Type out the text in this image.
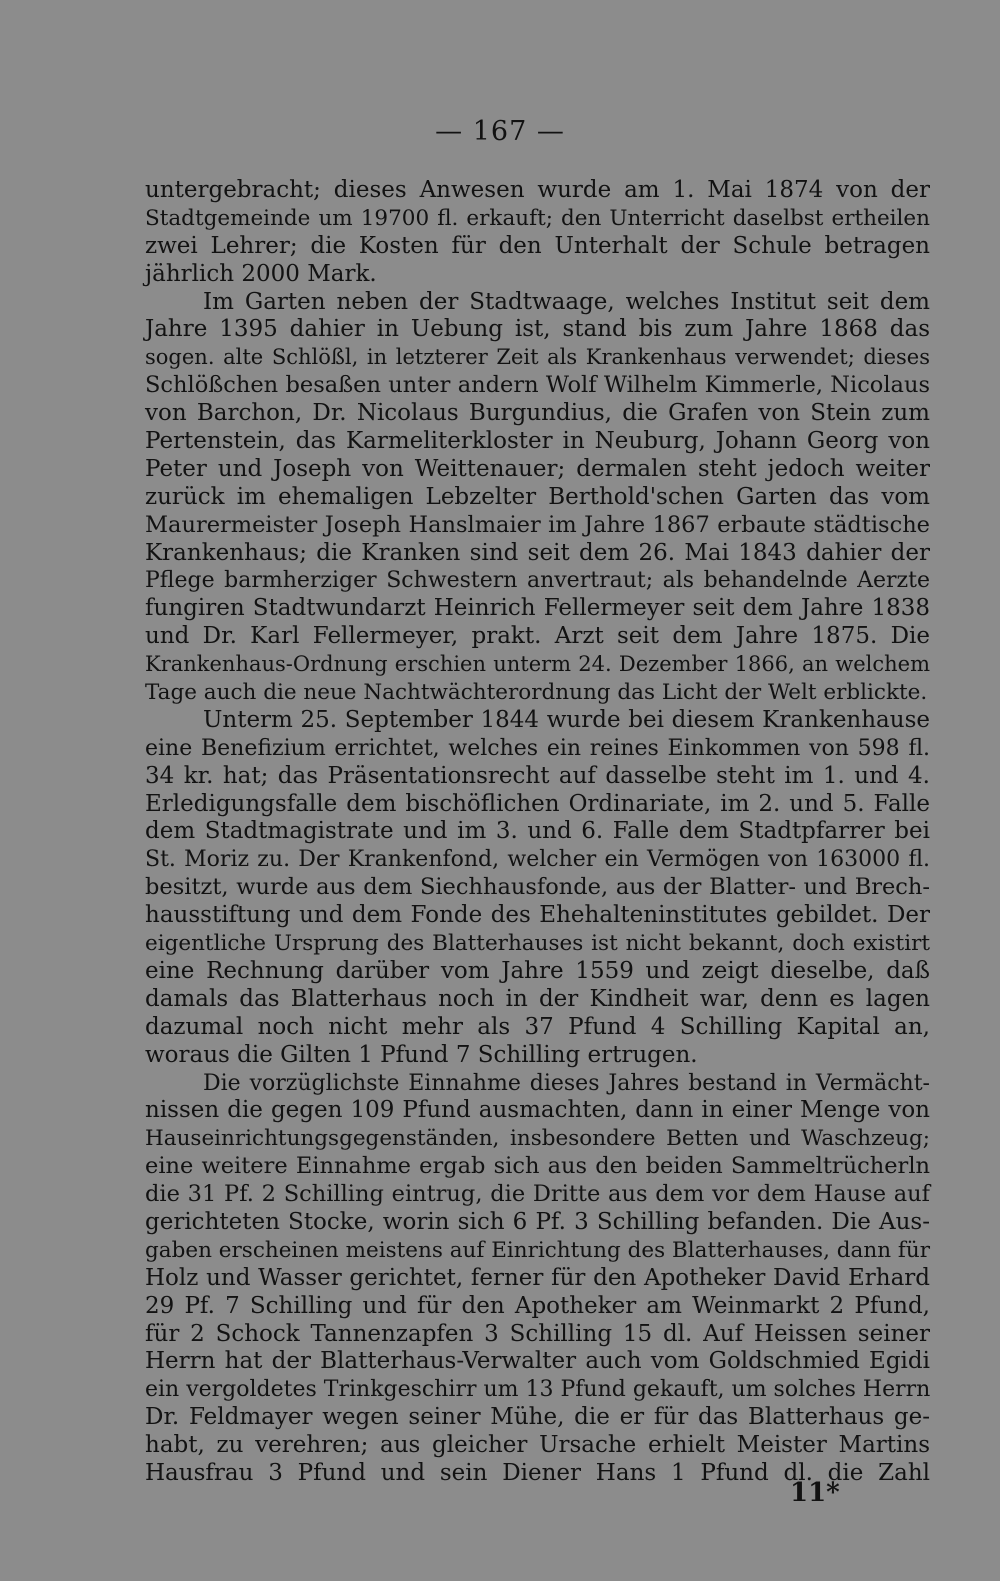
— 167 —
untergebracht; dieses Anwesen wurde am 1. Mai 1874 von der
Stadtgemeinde um 19700 fl. erkauft; den Unterricht daselbst ertheilen
zwei Lehrer; die Kosten für den Unterhalt der Schule betragen
jährlich 2000 Mark.
Im Garten neben der Stadtwaage, welches Institut seit dem
Jahre 1395 dahier in Uebung ist, stand bis zum Jahre 1868 das
sogen. alte Schlößl, in letzterer Zeit als Krankenhaus verwendet; dieses
Schlößchen besaßen unter andern Wolf Wilhelm Kimmerle, Nicolaus
von Barchon, Dr. Nicolaus Burgundius, die Grafen von Stein zum
Pertenstein, das Karmeliterkloster in Neuburg, Johann Georg von
Peter und Joseph von Weittenauer; dermalen steht jedoch weiter
zurück im ehemaligen Lebzelter Berthold'schen Garten das vom
Maurermeister Joseph Hanslmaier im Jahre 1867 erbaute städtische
Krankenhaus; die Kranken sind seit dem 26. Mai 1843 dahier der
Pflege barmherziger Schwestern anvertraut; als behandelnde Aerzte
fungiren Stadtwundarzt Heinrich Fellermeyer seit dem Jahre 1838
und Dr. Karl Fellermeyer, prakt. Arzt seit dem Jahre 1875. Die
Krankenhaus-Ordnung erschien unterm 24. Dezember 1866, an welchem
Tage auch die neue Nachtwächterordnung das Licht der Welt erblickte.
Unterm 25. September 1844 wurde bei diesem Krankenhause
eine Benefizium errichtet, welches ein reines Einkommen von 598 fl.
34 kr. hat; das Präsentationsrecht auf dasselbe steht im 1. und 4.
Erledigungsfalle dem bischöflichen Ordinariate, im 2. und 5. Falle
dem Stadtmagistrate und im 3. und 6. Falle dem Stadtpfarrer bei
St. Moriz zu. Der Krankenfond, welcher ein Vermögen von 163000 fl.
besitzt, wurde aus dem Siechhausfonde, aus der Blatter- und Brech-
hausstiftung und dem Fonde des Ehehalteninstitutes gebildet. Der
eigentliche Ursprung des Blatterhauses ist nicht bekannt, doch existirt
eine Rechnung darüber vom Jahre 1559 und zeigt dieselbe, daß
damals das Blatterhaus noch in der Kindheit war, denn es lagen
dazumal noch nicht mehr als 37 Pfund 4 Schilling Kapital an,
woraus die Gilten 1 Pfund 7 Schilling ertrugen.
Die vorzüglichste Einnahme dieses Jahres bestand in Vermächt-
nissen die gegen 109 Pfund ausmachten, dann in einer Menge von
Hauseinrichtungsgegenständen, insbesondere Betten und Waschzeug;
eine weitere Einnahme ergab sich aus den beiden Sammeltrücherln
die 31 Pf. 2 Schilling eintrug, die Dritte aus dem vor dem Hause auf
gerichteten Stocke, worin sich 6 Pf. 3 Schilling befanden. Die Aus-
gaben erscheinen meistens auf Einrichtung des Blatterhauses, dann für
Holz und Wasser gerichtet, ferner für den Apotheker David Erhard
29 Pf. 7 Schilling und für den Apotheker am Weinmarkt 2 Pfund,
für 2 Schock Tannenzapfen 3 Schilling 15 dl. Auf Heissen seiner
Herrn hat der Blatterhaus-Verwalter auch vom Goldschmied Egidi
ein vergoldetes Trinkgeschirr um 13 Pfund gekauft, um solches Herrn
Dr. Feldmayer wegen seiner Mühe, die er für das Blatterhaus ge-
habt, zu verehren; aus gleicher Ursache erhielt Meister Martins
Hausfrau 3 Pfund und sein Diener Hans 1 Pfund dl. die Zahl
11*
